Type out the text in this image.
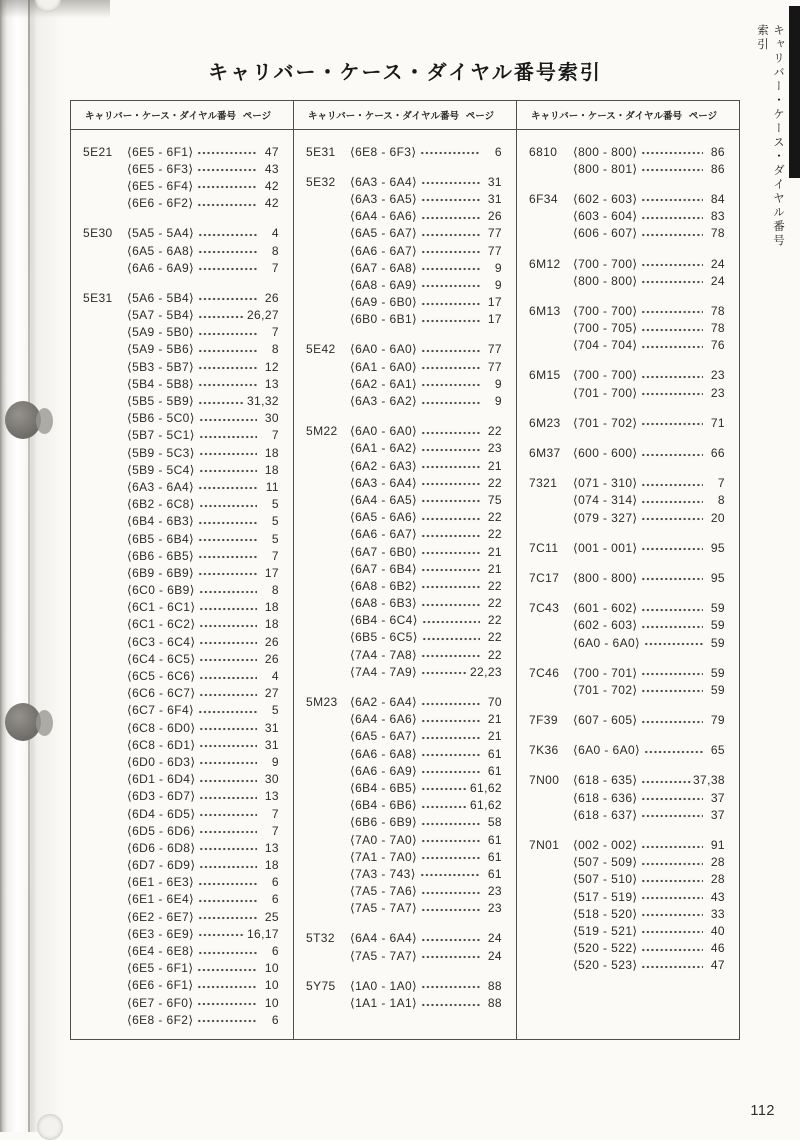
キャリバー・ケース・ダイヤル番号索引
キャリバー・ケース・ダイヤル番号索引
キャリバー・ケース・ダイヤル番号 ページ
5E21	⟨6E5 - 6F1⟩	47
⟨6E5 - 6F3⟩	43
⟨6E5 - 6F4⟩	42
⟨6E6 - 6F2⟩	42
5E30	⟨5A5 - 5A4⟩	4
⟨6A5 - 6A8⟩	8
⟨6A6 - 6A9⟩	7
5E31	⟨5A6 - 5B4⟩	26
⟨5A7 - 5B4⟩	26,27
⟨5A9 - 5B0⟩	7
⟨5A9 - 5B6⟩	8
⟨5B3 - 5B7⟩	12
⟨5B4 - 5B8⟩	13
⟨5B5 - 5B9⟩	31,32
⟨5B6 - 5C0⟩	30
⟨5B7 - 5C1⟩	7
⟨5B9 - 5C3⟩	18
⟨5B9 - 5C4⟩	18
⟨6A3 - 6A4⟩	11
⟨6B2 - 6C8⟩	5
⟨6B4 - 6B3⟩	5
⟨6B5 - 6B4⟩	5
⟨6B6 - 6B5⟩	7
⟨6B9 - 6B9⟩	17
⟨6C0 - 6B9⟩	8
⟨6C1 - 6C1⟩	18
⟨6C1 - 6C2⟩	18
⟨6C3 - 6C4⟩	26
⟨6C4 - 6C5⟩	26
⟨6C5 - 6C6⟩	4
⟨6C6 - 6C7⟩	27
⟨6C7 - 6F4⟩	5
⟨6C8 - 6D0⟩	31
⟨6C8 - 6D1⟩	31
⟨6D0 - 6D3⟩	9
⟨6D1 - 6D4⟩	30
⟨6D3 - 6D7⟩	13
⟨6D4 - 6D5⟩	7
⟨6D5 - 6D6⟩	7
⟨6D6 - 6D8⟩	13
⟨6D7 - 6D9⟩	18
⟨6E1 - 6E3⟩	6
⟨6E1 - 6E4⟩	6
⟨6E2 - 6E7⟩	25
⟨6E3 - 6E9⟩	16,17
⟨6E4 - 6E8⟩	6
⟨6E5 - 6F1⟩	10
⟨6E6 - 6F1⟩	10
⟨6E7 - 6F0⟩	10
⟨6E8 - 6F2⟩	6
キャリバー・ケース・ダイヤル番号 ページ
5E31	⟨6E8 - 6F3⟩	6
5E32	⟨6A3 - 6A4⟩	31
⟨6A3 - 6A5⟩	31
⟨6A4 - 6A6⟩	26
⟨6A5 - 6A7⟩	77
⟨6A6 - 6A7⟩	77
⟨6A7 - 6A8⟩	9
⟨6A8 - 6A9⟩	9
⟨6A9 - 6B0⟩	17
⟨6B0 - 6B1⟩	17
5E42	⟨6A0 - 6A0⟩	77
⟨6A1 - 6A0⟩	77
⟨6A2 - 6A1⟩	9
⟨6A3 - 6A2⟩	9
5M22	⟨6A0 - 6A0⟩	22
⟨6A1 - 6A2⟩	23
⟨6A2 - 6A3⟩	21
⟨6A3 - 6A4⟩	22
⟨6A4 - 6A5⟩	75
⟨6A5 - 6A6⟩	22
⟨6A6 - 6A7⟩	22
⟨6A7 - 6B0⟩	21
⟨6A7 - 6B4⟩	21
⟨6A8 - 6B2⟩	22
⟨6A8 - 6B3⟩	22
⟨6B4 - 6C4⟩	22
⟨6B5 - 6C5⟩	22
⟨7A4 - 7A8⟩	22
⟨7A4 - 7A9⟩	22,23
5M23	⟨6A2 - 6A4⟩	70
⟨6A4 - 6A6⟩	21
⟨6A5 - 6A7⟩	21
⟨6A6 - 6A8⟩	61
⟨6A6 - 6A9⟩	61
⟨6B4 - 6B5⟩	61,62
⟨6B4 - 6B6⟩	61,62
⟨6B6 - 6B9⟩	58
⟨7A0 - 7A0⟩	61
⟨7A1 - 7A0⟩	61
⟨7A3 - 743⟩	61
⟨7A5 - 7A6⟩	23
⟨7A5 - 7A7⟩	23
5T32	⟨6A4 - 6A4⟩	24
⟨7A5 - 7A7⟩	24
5Y75	⟨1A0 - 1A0⟩	88
⟨1A1 - 1A1⟩	88
キャリバー・ケース・ダイヤル番号 ページ
6810	⟨800 - 800⟩	86
⟨800 - 801⟩	86
6F34	⟨602 - 603⟩	84
⟨603 - 604⟩	83
⟨606 - 607⟩	78
6M12	⟨700 - 700⟩	24
⟨800 - 800⟩	24
6M13	⟨700 - 700⟩	78
⟨700 - 705⟩	78
⟨704 - 704⟩	76
6M15	⟨700 - 700⟩	23
⟨701 - 700⟩	23
6M23	⟨701 - 702⟩	71
6M37	⟨600 - 600⟩	66
7321	⟨071 - 310⟩	7
⟨074 - 314⟩	8
⟨079 - 327⟩	20
7C11	⟨001 - 001⟩	95
7C17	⟨800 - 800⟩	95
7C43	⟨601 - 602⟩	59
⟨602 - 603⟩	59
⟨6A0 - 6A0⟩	59
7C46	⟨700 - 701⟩	59
⟨701 - 702⟩	59
7F39	⟨607 - 605⟩	79
7K36	⟨6A0 - 6A0⟩	65
7N00	⟨618 - 635⟩	37,38
⟨618 - 636⟩	37
⟨618 - 637⟩	37
7N01	⟨002 - 002⟩	91
⟨507 - 509⟩	28
⟨507 - 510⟩	28
⟨517 - 519⟩	43
⟨518 - 520⟩	33
⟨519 - 521⟩	40
⟨520 - 522⟩	46
⟨520 - 523⟩	47
112
